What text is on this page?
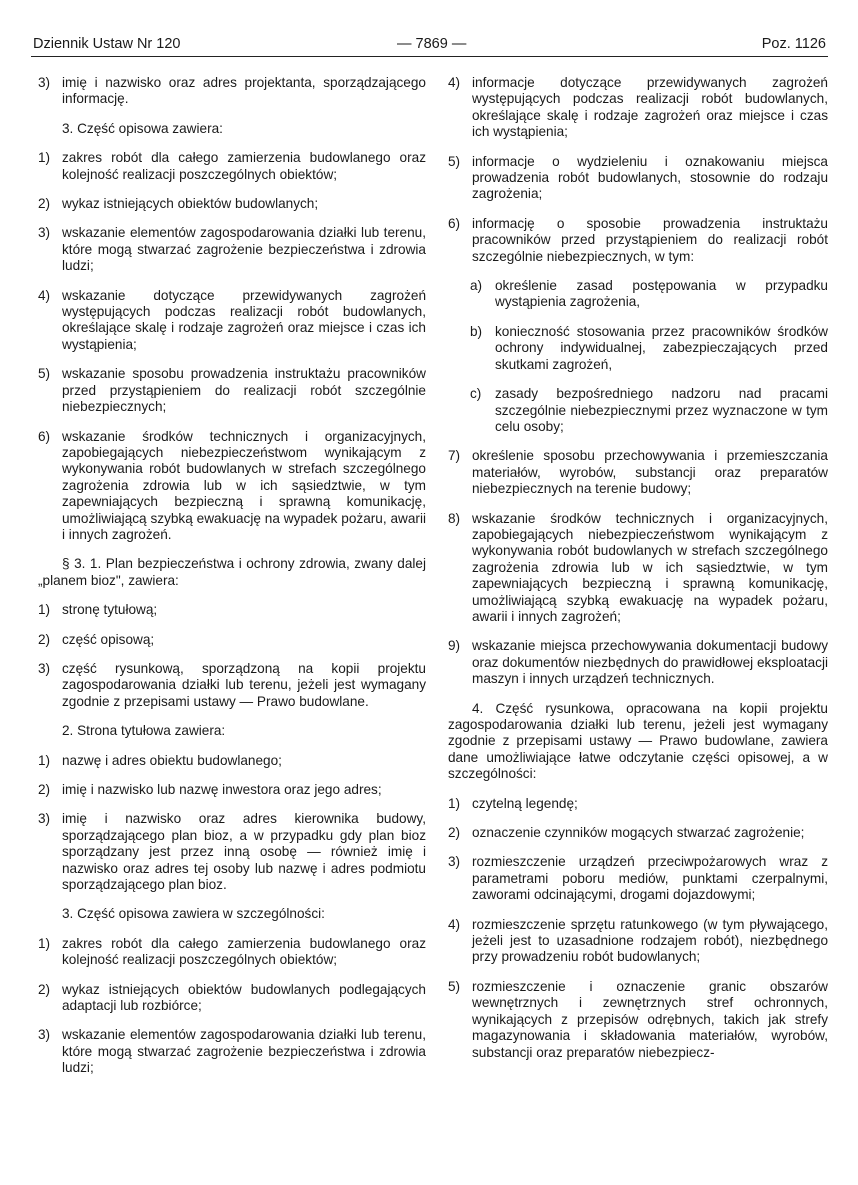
Dziennik Ustaw Nr 120	— 7869 —	Poz. 1126
3) imię i nazwisko oraz adres projektanta, sporządzającego informację.
3. Część opisowa zawiera:
1) zakres robót dla całego zamierzenia budowlanego oraz kolejność realizacji poszczególnych obiektów;
2) wykaz istniejących obiektów budowlanych;
3) wskazanie elementów zagospodarowania działki lub terenu, które mogą stwarzać zagrożenie bezpieczeństwa i zdrowia ludzi;
4) wskazanie dotyczące przewidywanych zagrożeń występujących podczas realizacji robót budowlanych, określające skalę i rodzaje zagrożeń oraz miejsce i czas ich wystąpienia;
5) wskazanie sposobu prowadzenia instruktażu pracowników przed przystąpieniem do realizacji robót szczególnie niebezpiecznych;
6) wskazanie środków technicznych i organizacyjnych, zapobiegających niebezpieczeństwom wynikającym z wykonywania robót budowlanych w strefach szczególnego zagrożenia zdrowia lub w ich sąsiedztwie, w tym zapewniających bezpieczną i sprawną komunikację, umożliwiającą szybką ewakuację na wypadek pożaru, awarii i innych zagrożeń.
§ 3. 1. Plan bezpieczeństwa i ochrony zdrowia, zwany dalej „planem bioz", zawiera:
1) stronę tytułową;
2) część opisową;
3) część rysunkową, sporządzoną na kopii projektu zagospodarowania działki lub terenu, jeżeli jest wymagany zgodnie z przepisami ustawy — Prawo budowlane.
2. Strona tytułowa zawiera:
1) nazwę i adres obiektu budowlanego;
2) imię i nazwisko lub nazwę inwestora oraz jego adres;
3) imię i nazwisko oraz adres kierownika budowy, sporządzającego plan bioz, a w przypadku gdy plan bioz sporządzany jest przez inną osobę — również imię i nazwisko oraz adres tej osoby lub nazwę i adres podmiotu sporządzającego plan bioz.
3. Część opisowa zawiera w szczególności:
1) zakres robót dla całego zamierzenia budowlanego oraz kolejność realizacji poszczególnych obiektów;
2) wykaz istniejących obiektów budowlanych podlegających adaptacji lub rozbiórce;
3) wskazanie elementów zagospodarowania działki lub terenu, które mogą stwarzać zagrożenie bezpieczeństwa i zdrowia ludzi;
4) informacje dotyczące przewidywanych zagrożeń występujących podczas realizacji robót budowlanych, określające skalę i rodzaje zagrożeń oraz miejsce i czas ich wystąpienia;
5) informacje o wydzieleniu i oznakowaniu miejsca prowadzenia robót budowlanych, stosownie do rodzaju zagrożenia;
6) informację o sposobie prowadzenia instruktażu pracowników przed przystąpieniem do realizacji robót szczególnie niebezpiecznych, w tym:
a) określenie zasad postępowania w przypadku wystąpienia zagrożenia,
b) konieczność stosowania przez pracowników środków ochrony indywidualnej, zabezpieczających przed skutkami zagrożeń,
c) zasady bezpośredniego nadzoru nad pracami szczególnie niebezpiecznymi przez wyznaczone w tym celu osoby;
7) określenie sposobu przechowywania i przemieszczania materiałów, wyrobów, substancji oraz preparatów niebezpiecznych na terenie budowy;
8) wskazanie środków technicznych i organizacyjnych, zapobiegających niebezpieczeństwom wynikającym z wykonywania robót budowlanych w strefach szczególnego zagrożenia zdrowia lub w ich sąsiedztwie, w tym zapewniających bezpieczną i sprawną komunikację, umożliwiającą szybką ewakuację na wypadek pożaru, awarii i innych zagrożeń;
9) wskazanie miejsca przechowywania dokumentacji budowy oraz dokumentów niezbędnych do prawidłowej eksploatacji maszyn i innych urządzeń technicznych.
4. Część rysunkowa, opracowana na kopii projektu zagospodarowania działki lub terenu, jeżeli jest wymagany zgodnie z przepisami ustawy — Prawo budowlane, zawiera dane umożliwiające łatwe odczytanie części opisowej, a w szczególności:
1) czytelną legendę;
2) oznaczenie czynników mogących stwarzać zagrożenie;
3) rozmieszczenie urządzeń przeciwpożarowych wraz z parametrami poboru mediów, punktami czerpalnymi, zaworami odcinającymi, drogami dojazdowymi;
4) rozmieszczenie sprzętu ratunkowego (w tym pływającego, jeżeli jest to uzasadnione rodzajem robót), niezbędnego przy prowadzeniu robót budowlanych;
5) rozmieszczenie i oznaczenie granic obszarów wewnętrznych i zewnętrznych stref ochronnych, wynikających z przepisów odrębnych, takich jak strefy magazynowania i składowania materiałów, wyrobów, substancji oraz preparatów niebezpiecz-
